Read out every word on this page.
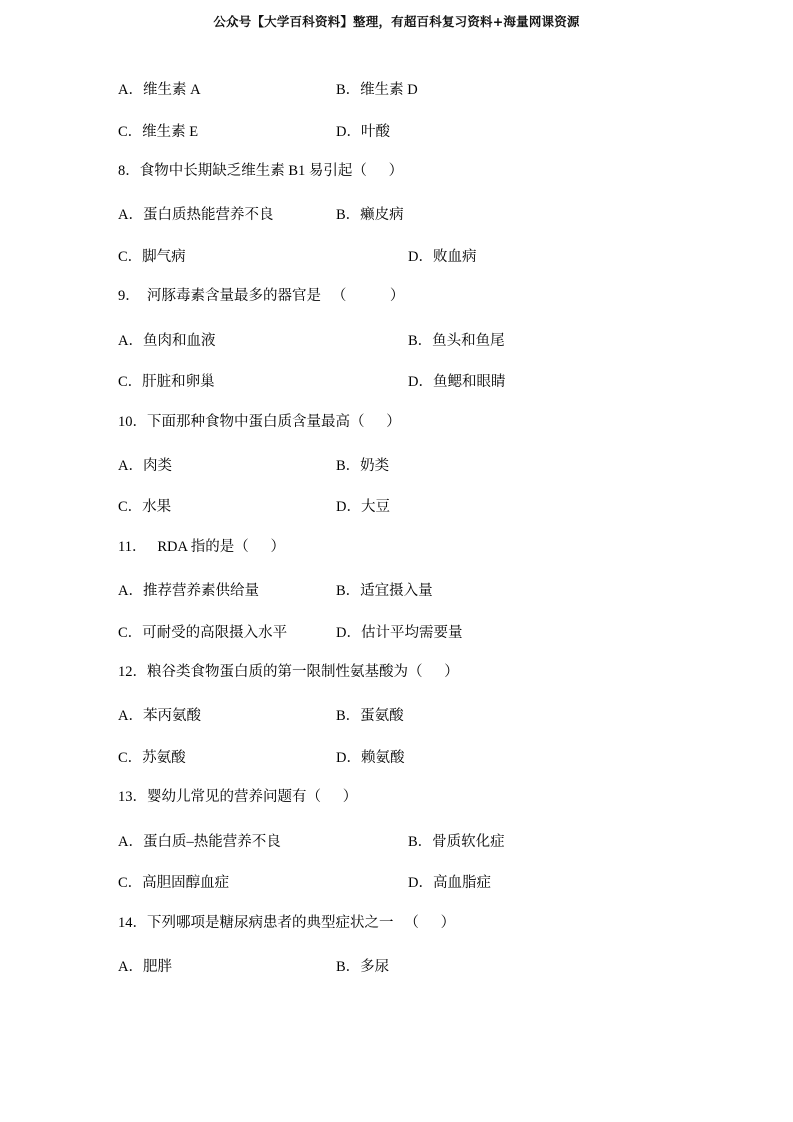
公众号【大学百科资料】整理，有超百科复习资料+海量网课资源
A．维生素 A	B．维生素 D
C．维生素 E	D．叶酸
8．食物中长期缺乏维生素 B1 易引起（      ）
A．蛋白质热能营养不良	B．癞皮病
C．脚气病	D．败血病
9．  河豚毒素含量最多的器官是   （            ）
A．鱼肉和血液	B．鱼头和鱼尾
C．肝脏和卵巢	D．鱼鳃和眼睛
10．下面那种食物中蛋白质含量最高（      ）
A．肉类	B．奶类
C．水果	D．大豆
11．   RDA 指的是（      ）
A．推荐营养素供给量	B．适宜摄入量
C．可耐受的高限摄入水平	D．估计平均需要量
12．粮谷类食物蛋白质的第一限制性氨基酸为（      ）
A．苯丙氨酸	B．蛋氨酸
C．苏氨酸	D．赖氨酸
13．婴幼儿常见的营养问题有（      ）
A．蛋白质–热能营养不良	B．骨质软化症
C．高胆固醇血症	D．高血脂症
14．下列哪项是糖尿病患者的典型症状之一   （      ）
A．肥胖	B．多尿
